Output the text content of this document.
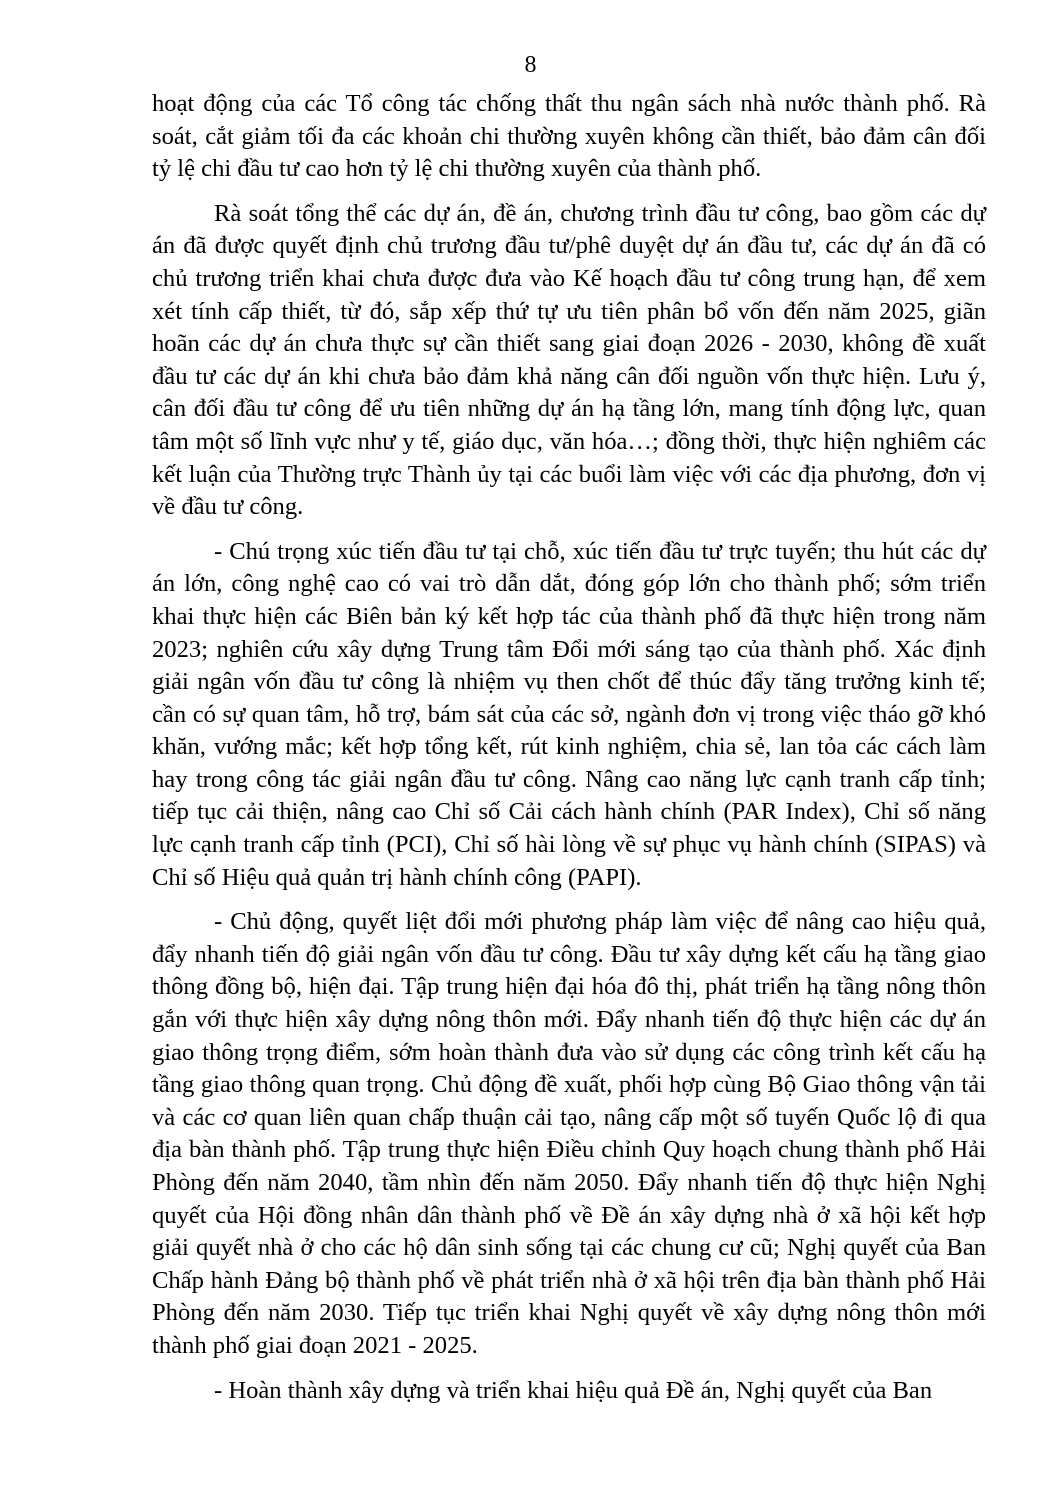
8

hoạt động của các Tổ công tác chống thất thu ngân sách nhà nước thành phố. Rà soát, cắt giảm tối đa các khoản chi thường xuyên không cần thiết, bảo đảm cân đối tỷ lệ chi đầu tư cao hơn tỷ lệ chi thường xuyên của thành phố.

Rà soát tổng thể các dự án, đề án, chương trình đầu tư công, bao gồm các dự án đã được quyết định chủ trương đầu tư/phê duyệt dự án đầu tư, các dự án đã có chủ trương triển khai chưa được đưa vào Kế hoạch đầu tư công trung hạn, để xem xét tính cấp thiết, từ đó, sắp xếp thứ tự ưu tiên phân bổ vốn đến năm 2025, giãn hoãn các dự án chưa thực sự cần thiết sang giai đoạn 2026 - 2030, không đề xuất đầu tư các dự án khi chưa bảo đảm khả năng cân đối nguồn vốn thực hiện. Lưu ý, cân đối đầu tư công để ưu tiên những dự án hạ tầng lớn, mang tính động lực, quan tâm một số lĩnh vực như y tế, giáo dục, văn hóa…; đồng thời, thực hiện nghiêm các kết luận của Thường trực Thành ủy tại các buổi làm việc với các địa phương, đơn vị về đầu tư công.

- Chú trọng xúc tiến đầu tư tại chỗ, xúc tiến đầu tư trực tuyến; thu hút các dự án lớn, công nghệ cao có vai trò dẫn dắt, đóng góp lớn cho thành phố; sớm triển khai thực hiện các Biên bản ký kết hợp tác của thành phố đã thực hiện trong năm 2023; nghiên cứu xây dựng Trung tâm Đổi mới sáng tạo của thành phố. Xác định giải ngân vốn đầu tư công là nhiệm vụ then chốt để thúc đẩy tăng trưởng kinh tế; cần có sự quan tâm, hỗ trợ, bám sát của các sở, ngành đơn vị trong việc tháo gỡ khó khăn, vướng mắc; kết hợp tổng kết, rút kinh nghiệm, chia sẻ, lan tỏa các cách làm hay trong công tác giải ngân đầu tư công. Nâng cao năng lực cạnh tranh cấp tỉnh; tiếp tục cải thiện, nâng cao Chỉ số Cải cách hành chính (PAR Index), Chỉ số năng lực cạnh tranh cấp tỉnh (PCI), Chỉ số hài lòng về sự phục vụ hành chính (SIPAS) và Chỉ số Hiệu quả quản trị hành chính công (PAPI).

- Chủ động, quyết liệt đổi mới phương pháp làm việc để nâng cao hiệu quả, đẩy nhanh tiến độ giải ngân vốn đầu tư công. Đầu tư xây dựng kết cấu hạ tầng giao thông đồng bộ, hiện đại. Tập trung hiện đại hóa đô thị, phát triển hạ tầng nông thôn gắn với thực hiện xây dựng nông thôn mới. Đẩy nhanh tiến độ thực hiện các dự án giao thông trọng điểm, sớm hoàn thành đưa vào sử dụng các công trình kết cấu hạ tầng giao thông quan trọng. Chủ động đề xuất, phối hợp cùng Bộ Giao thông vận tải và các cơ quan liên quan chấp thuận cải tạo, nâng cấp một số tuyến Quốc lộ đi qua địa bàn thành phố. Tập trung thực hiện Điều chỉnh Quy hoạch chung thành phố Hải Phòng đến năm 2040, tầm nhìn đến năm 2050. Đẩy nhanh tiến độ thực hiện Nghị quyết của Hội đồng nhân dân thành phố về Đề án xây dựng nhà ở xã hội kết hợp giải quyết nhà ở cho các hộ dân sinh sống tại các chung cư cũ; Nghị quyết của Ban Chấp hành Đảng bộ thành phố về phát triển nhà ở xã hội trên địa bàn thành phố Hải Phòng đến năm 2030. Tiếp tục triển khai Nghị quyết về xây dựng nông thôn mới thành phố giai đoạn 2021 - 2025.

- Hoàn thành xây dựng và triển khai hiệu quả Đề án, Nghị quyết của Ban
